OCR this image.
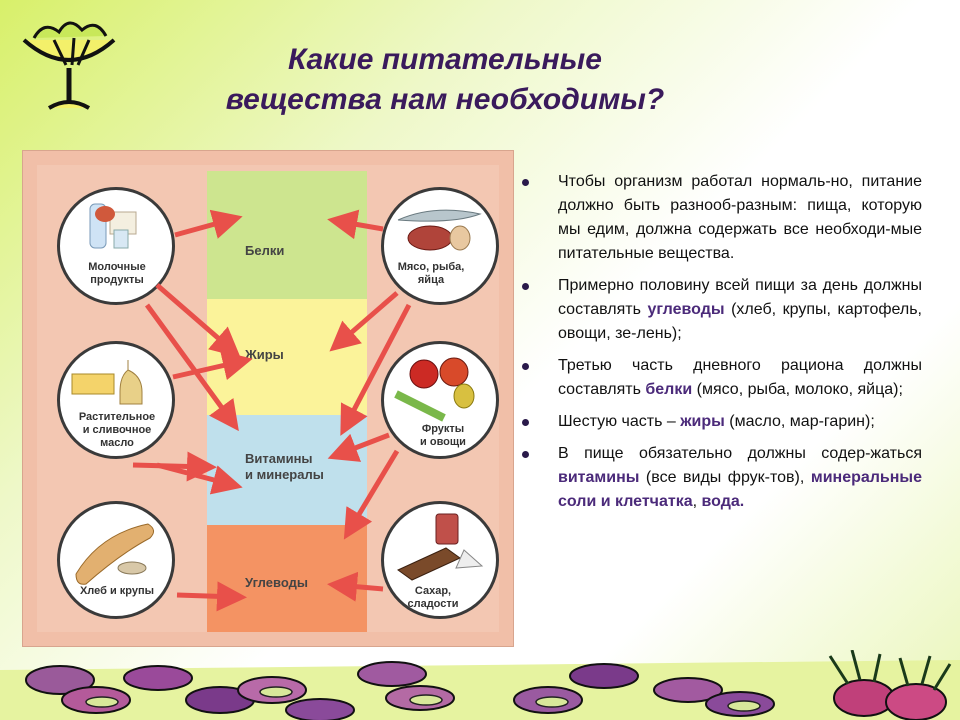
Какие питательные
вещества нам необходимы?
Белки
Жиры
Витамины
и минералы
Углеводы
Молочные
продукты
Растительное
и сливочное
масло
Хлеб и крупы
Мясо, рыба,
яйца
Фрукты
и овощи
Сахар,
сладости
Чтобы организм работал нормаль-но, питание должно быть разнооб-разным: пища, которую мы едим, должна содержать все необходи-мые питательные вещества.
Примерно половину всей пищи за день должны составлять углеводы (хлеб, крупы, картофель, овощи, зе-лень);
Третью часть дневного рациона должны составлять белки (мясо, рыба, молоко, яйца);
Шестую часть – жиры (масло, мар-гарин);
В пище обязательно должны содер-жаться витамины (все виды фрук-тов), минеральные соли и клетчатка, вода.
